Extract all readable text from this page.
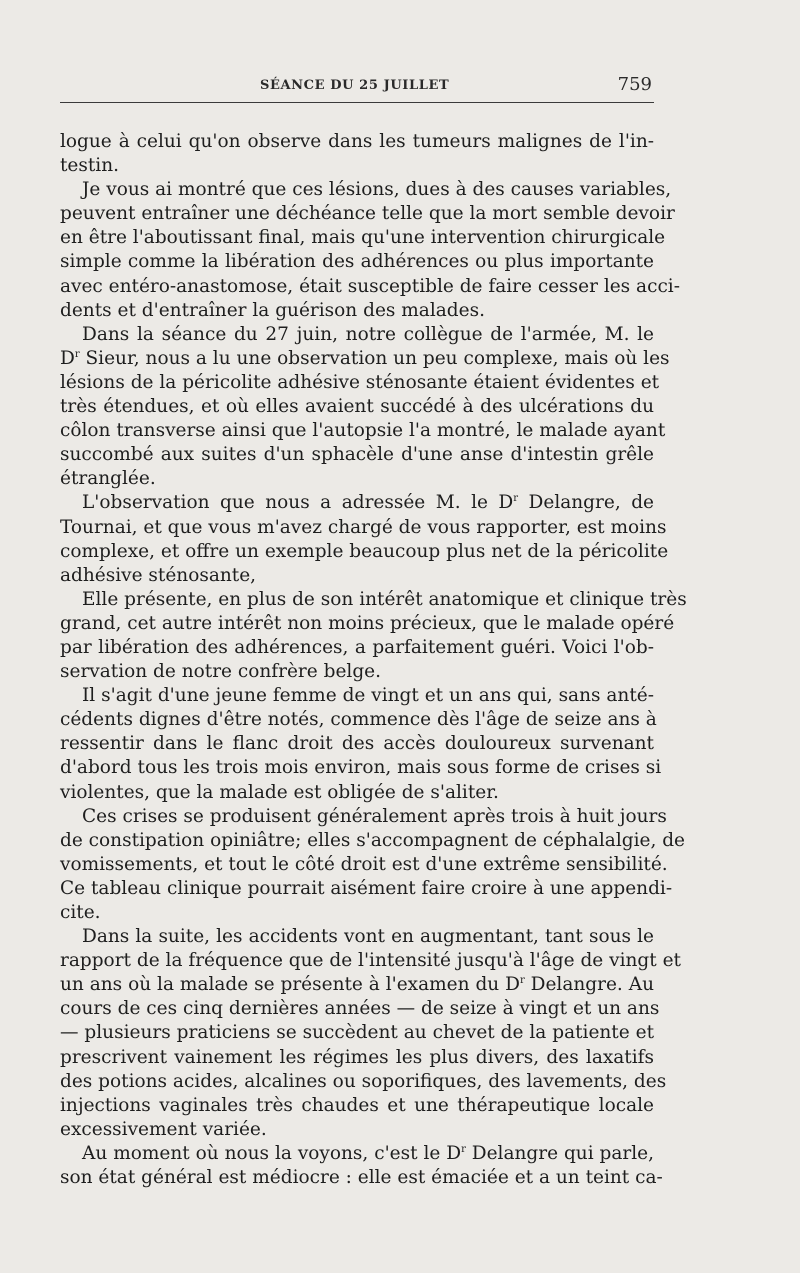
SÉANCE DU 25 JUILLET	759
logue à celui qu'on observe dans les tumeurs malignes de l'in-
testin.
Je vous ai montré que ces lésions, dues à des causes variables,
peuvent entraîner une déchéance telle que la mort semble devoir
en être l'aboutissant final, mais qu'une intervention chirurgicale
simple comme la libération des adhérences ou plus importante
avec entéro-anastomose, était susceptible de faire cesser les acci-
dents et d'entraîner la guérison des malades.
Dans la séance du 27 juin, notre collègue de l'armée, M. le
$D^r$ Sieur, nous a lu une observation un peu complexe, mais où les
lésions de la péricolite adhésive sténosante étaient évidentes et
très étendues, et où elles avaient succédé à des ulcérations du
côlon transverse ainsi que l'autopsie l'a montré, le malade ayant
succombé aux suites d'un sphacèle d'une anse d'intestin grêle
étranglée.
L'observation que nous a adressée M. le $D^r$ Delangre, de
Tournai, et que vous m'avez chargé de vous rapporter, est moins
complexe, et offre un exemple beaucoup plus net de la péricolite
adhésive sténosante,
Elle présente, en plus de son intérêt anatomique et clinique très
grand, cet autre intérêt non moins précieux, que le malade opéré
par libération des adhérences, a parfaitement guéri. Voici l'ob-
servation de notre confrère belge.
Il s'agit d'une jeune femme de vingt et un ans qui, sans anté-
cédents dignes d'être notés, commence dès l'âge de seize ans à
ressentir dans le flanc droit des accès douloureux survenant
d'abord tous les trois mois environ, mais sous forme de crises si
violentes, que la malade est obligée de s'aliter.
Ces crises se produisent généralement après trois à huit jours
de constipation opiniâtre; elles s'accompagnent de céphalalgie, de
vomissements, et tout le côté droit est d'une extrême sensibilité.
Ce tableau clinique pourrait aisément faire croire à une appendi-
cite.
Dans la suite, les accidents vont en augmentant, tant sous le
rapport de la fréquence que de l'intensité jusqu'à l'âge de vingt et
un ans où la malade se présente à l'examen du $D^r$ Delangre. Au
cours de ces cinq dernières années — de seize à vingt et un ans
— plusieurs praticiens se succèdent au chevet de la patiente et
prescrivent vainement les régimes les plus divers, des laxatifs
des potions acides, alcalines ou soporifiques, des lavements, des
injections vaginales très chaudes et une thérapeutique locale
excessivement variée.
Au moment où nous la voyons, c'est le $D^r$ Delangre qui parle,
son état général est médiocre : elle est émaciée et a un teint ca-
